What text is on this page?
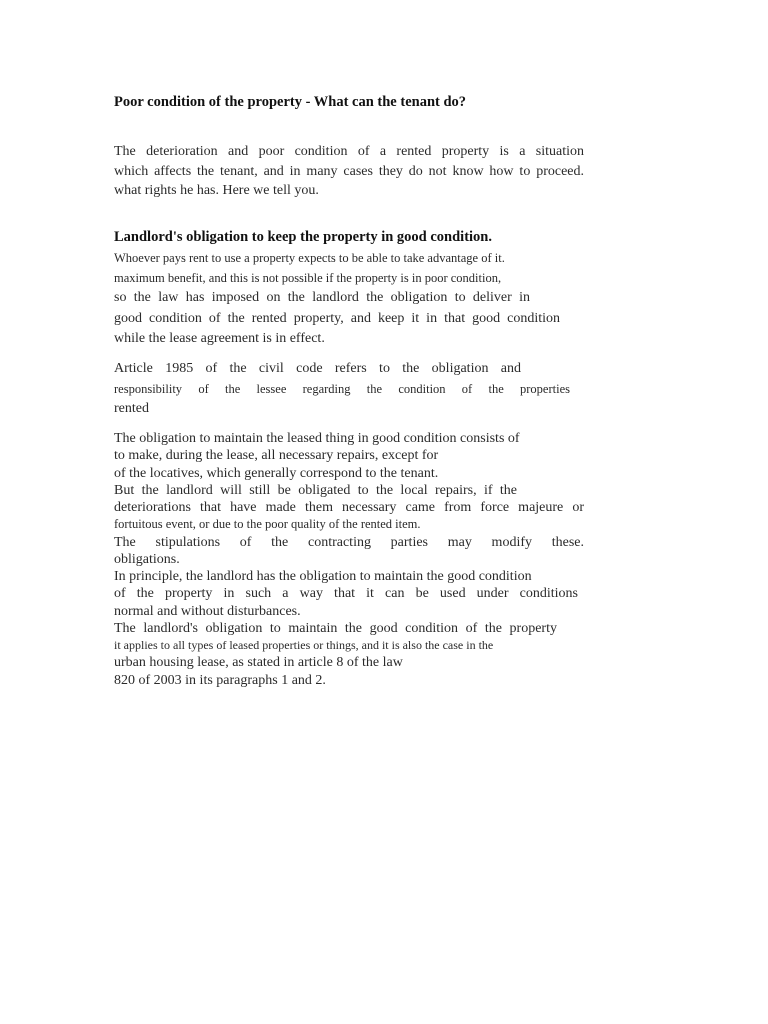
Poor condition of the property - What can the tenant do?
The deterioration and poor condition of a rented property is a situation
which affects the tenant, and in many cases they do not know how to proceed.
what rights he has. Here we tell you.
Landlord's obligation to keep the property in good condition.
Whoever pays rent to use a property expects to be able to take advantage of it.
maximum benefit, and this is not possible if the property is in poor condition,
so the law has imposed on the landlord the obligation to deliver in
good condition of the rented property, and keep it in that good condition
while the lease agreement is in effect.
Article 1985 of the civil code refers to the obligation and
responsibility of the lessee regarding the condition of the properties
rented
The obligation to maintain the leased thing in good condition consists of
to make, during the lease, all necessary repairs, except for
of the locatives, which generally correspond to the tenant.
But the landlord will still be obligated to the local repairs, if the
deteriorations that have made them necessary came from force majeure or
fortuitous event, or due to the poor quality of the rented item.
The stipulations of the contracting parties may modify these.
obligations.
In principle, the landlord has the obligation to maintain the good condition
of the property in such a way that it can be used under conditions
normal and without disturbances.
The landlord's obligation to maintain the good condition of the property
it applies to all types of leased properties or things, and it is also the case in the
urban housing lease, as stated in article 8 of the law
820 of 2003 in its paragraphs 1 and 2.
